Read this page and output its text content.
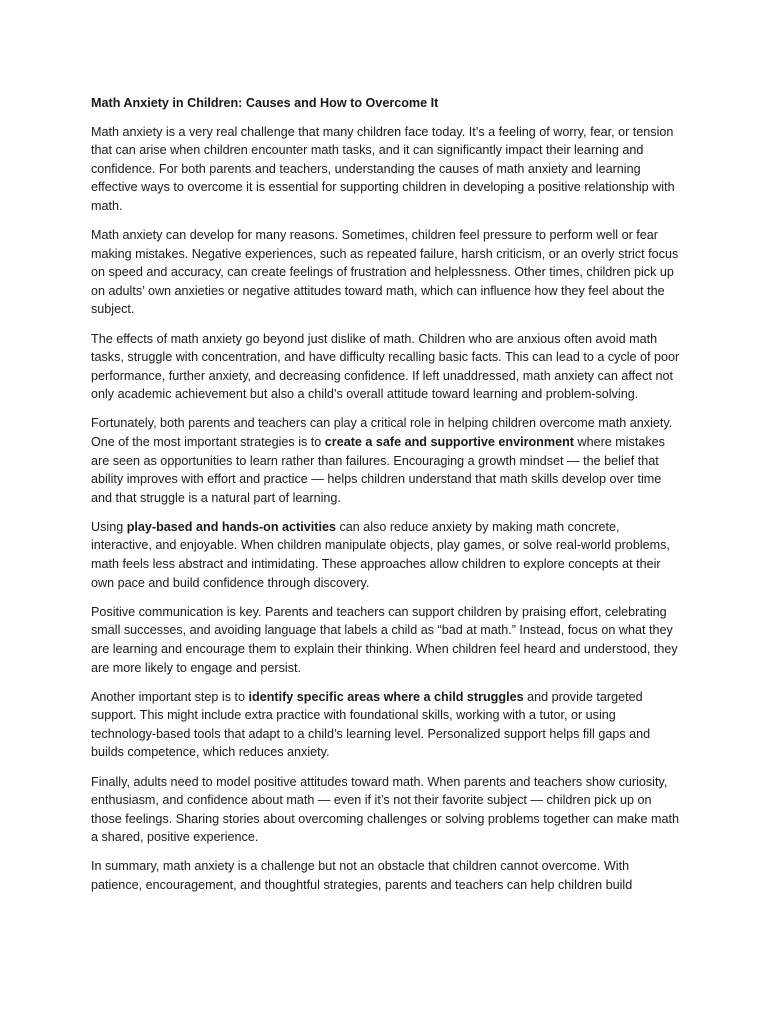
Math Anxiety in Children: Causes and How to Overcome It

Math anxiety is a very real challenge that many children face today. It’s a feeling of worry, fear, or tension that can arise when children encounter math tasks, and it can significantly impact their learning and confidence. For both parents and teachers, understanding the causes of math anxiety and learning effective ways to overcome it is essential for supporting children in developing a positive relationship with math.

Math anxiety can develop for many reasons. Sometimes, children feel pressure to perform well or fear making mistakes. Negative experiences, such as repeated failure, harsh criticism, or an overly strict focus on speed and accuracy, can create feelings of frustration and helplessness. Other times, children pick up on adults’ own anxieties or negative attitudes toward math, which can influence how they feel about the subject.

The effects of math anxiety go beyond just dislike of math. Children who are anxious often avoid math tasks, struggle with concentration, and have difficulty recalling basic facts. This can lead to a cycle of poor performance, further anxiety, and decreasing confidence. If left unaddressed, math anxiety can affect not only academic achievement but also a child’s overall attitude toward learning and problem-solving.

Fortunately, both parents and teachers can play a critical role in helping children overcome math anxiety. One of the most important strategies is to create a safe and supportive environment where mistakes are seen as opportunities to learn rather than failures. Encouraging a growth mindset — the belief that ability improves with effort and practice — helps children understand that math skills develop over time and that struggle is a natural part of learning.

Using play-based and hands-on activities can also reduce anxiety by making math concrete, interactive, and enjoyable. When children manipulate objects, play games, or solve real-world problems, math feels less abstract and intimidating. These approaches allow children to explore concepts at their own pace and build confidence through discovery.

Positive communication is key. Parents and teachers can support children by praising effort, celebrating small successes, and avoiding language that labels a child as “bad at math.” Instead, focus on what they are learning and encourage them to explain their thinking. When children feel heard and understood, they are more likely to engage and persist.

Another important step is to identify specific areas where a child struggles and provide targeted support. This might include extra practice with foundational skills, working with a tutor, or using technology-based tools that adapt to a child’s learning level. Personalized support helps fill gaps and builds competence, which reduces anxiety.

Finally, adults need to model positive attitudes toward math. When parents and teachers show curiosity, enthusiasm, and confidence about math — even if it’s not their favorite subject — children pick up on those feelings. Sharing stories about overcoming challenges or solving problems together can make math a shared, positive experience.

In summary, math anxiety is a challenge but not an obstacle that children cannot overcome. With patience, encouragement, and thoughtful strategies, parents and teachers can help children build
